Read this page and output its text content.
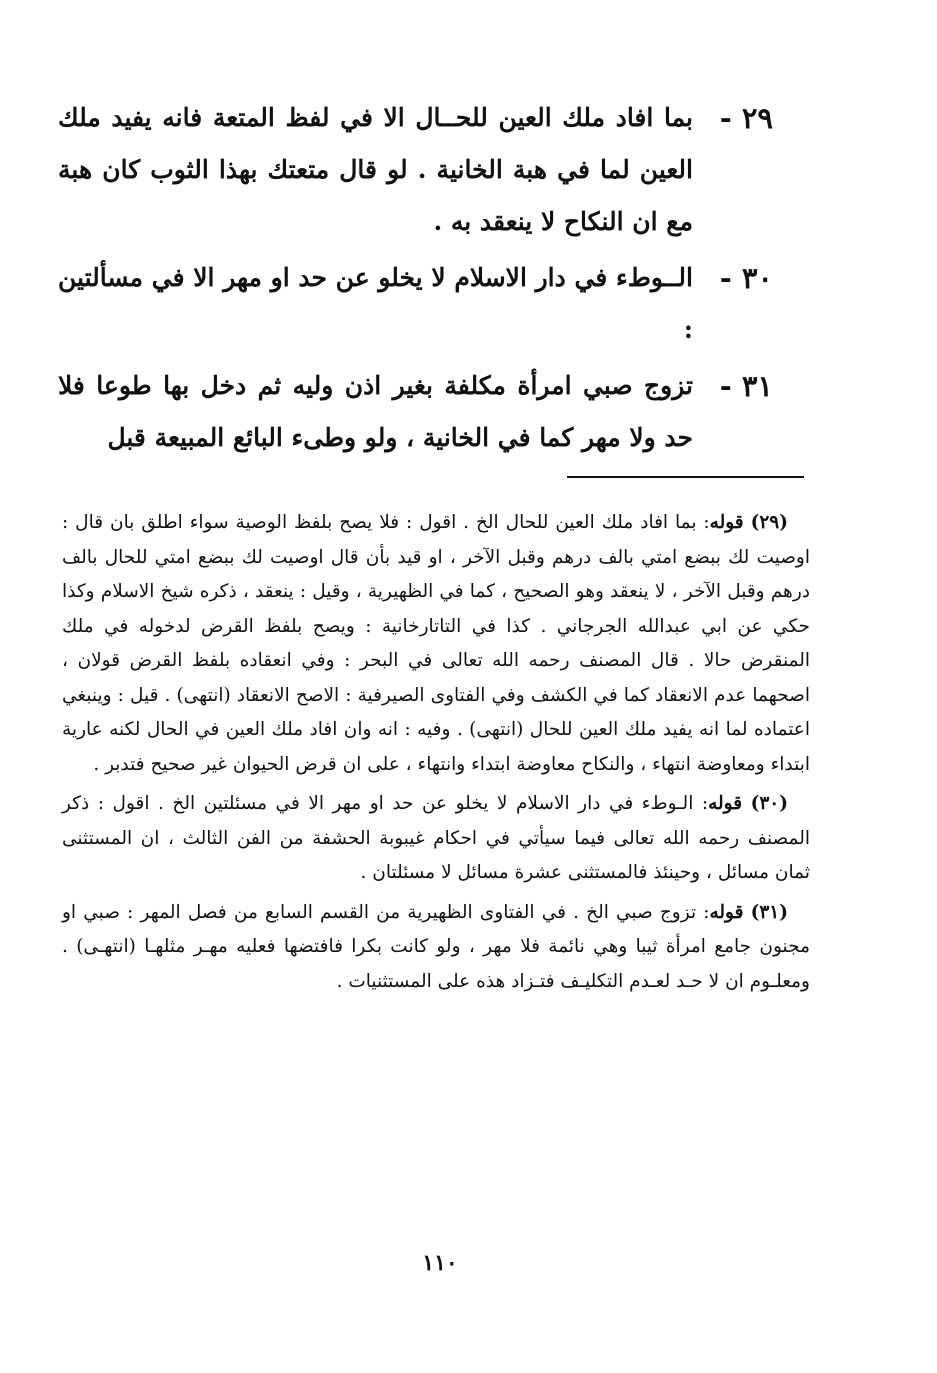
٢٩ -

بما افاد ملك العين للحــال الا في لفظ المتعة فانه يفيد ملك العين لما في هبة الخانية . لو قال متعتك بهذا الثوب كان هبة مع ان النكاح لا ينعقد به .

٣٠ -

الــوطء في دار الاسلام لا يخلو عن حد او مهر الا في مسألتين :

٣١ -

تزوج صبي امرأة مكلفة بغير اذن وليه ثم دخل بها طوعا فلا حد ولا مهر كما في الخانية ، ولو وطىء البائع المبيعة قبل

(٢٩) قوله: بما افاد ملك العين للحال الخ . اقول : فلا يصح بلفظ الوصية سواء اطلق بان قال : اوصيت لك ببضع امتي بالف درهم وقبل الآخر ، او قيد بأن قال اوصيت لك ببضع امتي للحال بالف درهم وقبل الآخر ، لا ينعقد وهو الصحيح ، كما في الظهيرية ، وقيل : ينعقد ، ذكره شيخ الاسلام وكذا حكي عن ابي عبدالله الجرجاني . كذا في التاتارخانية : ويصح بلفظ القرض لدخوله في ملك المنقرض حالا . قال المصنف رحمه الله تعالى في البحر : وفي انعقاده بلفظ القرض قولان ، اصحهما عدم الانعقاد كما في الكشف وفي الفتاوى الصيرفية : الاصح الانعقاد (انتهى) . قيل : وينبغي اعتماده لما انه يفيد ملك العين للحال (انتهى) . وفيه : انه وان افاد ملك العين في الحال لكنه عارية ابتداء ومعاوضة انتهاء ، والنكاح معاوضة ابتداء وانتهاء ، على ان قرض الحيوان غير صحيح فتدبر .

(٣٠) قوله: الـوطء في دار الاسلام لا يخلو عن حد او مهر الا في مسئلتين الخ . اقول : ذكر المصنف رحمه الله تعالى فيما سيأتي في احكام غيبوبة الحشفة من الفن الثالث ، ان المستثنى ثمان مسائل ، وحينئذ فالمستثنى عشرة مسائل لا مسئلتان .

(٣١) قوله: تزوج صبي الخ . في الفتاوى الظهيرية من القسم السابع من فصل المهر : صبي او مجنون جامع امرأة ثيبا وهي نائمة فلا مهر ، ولو كانت بكرا فافتضها فعليه مهـر مثلهـا (انتهـى) . ومعلـوم ان لا حـد لعـدم التكليـف فتـزاد هذه على المستثنيات .

١١٠
